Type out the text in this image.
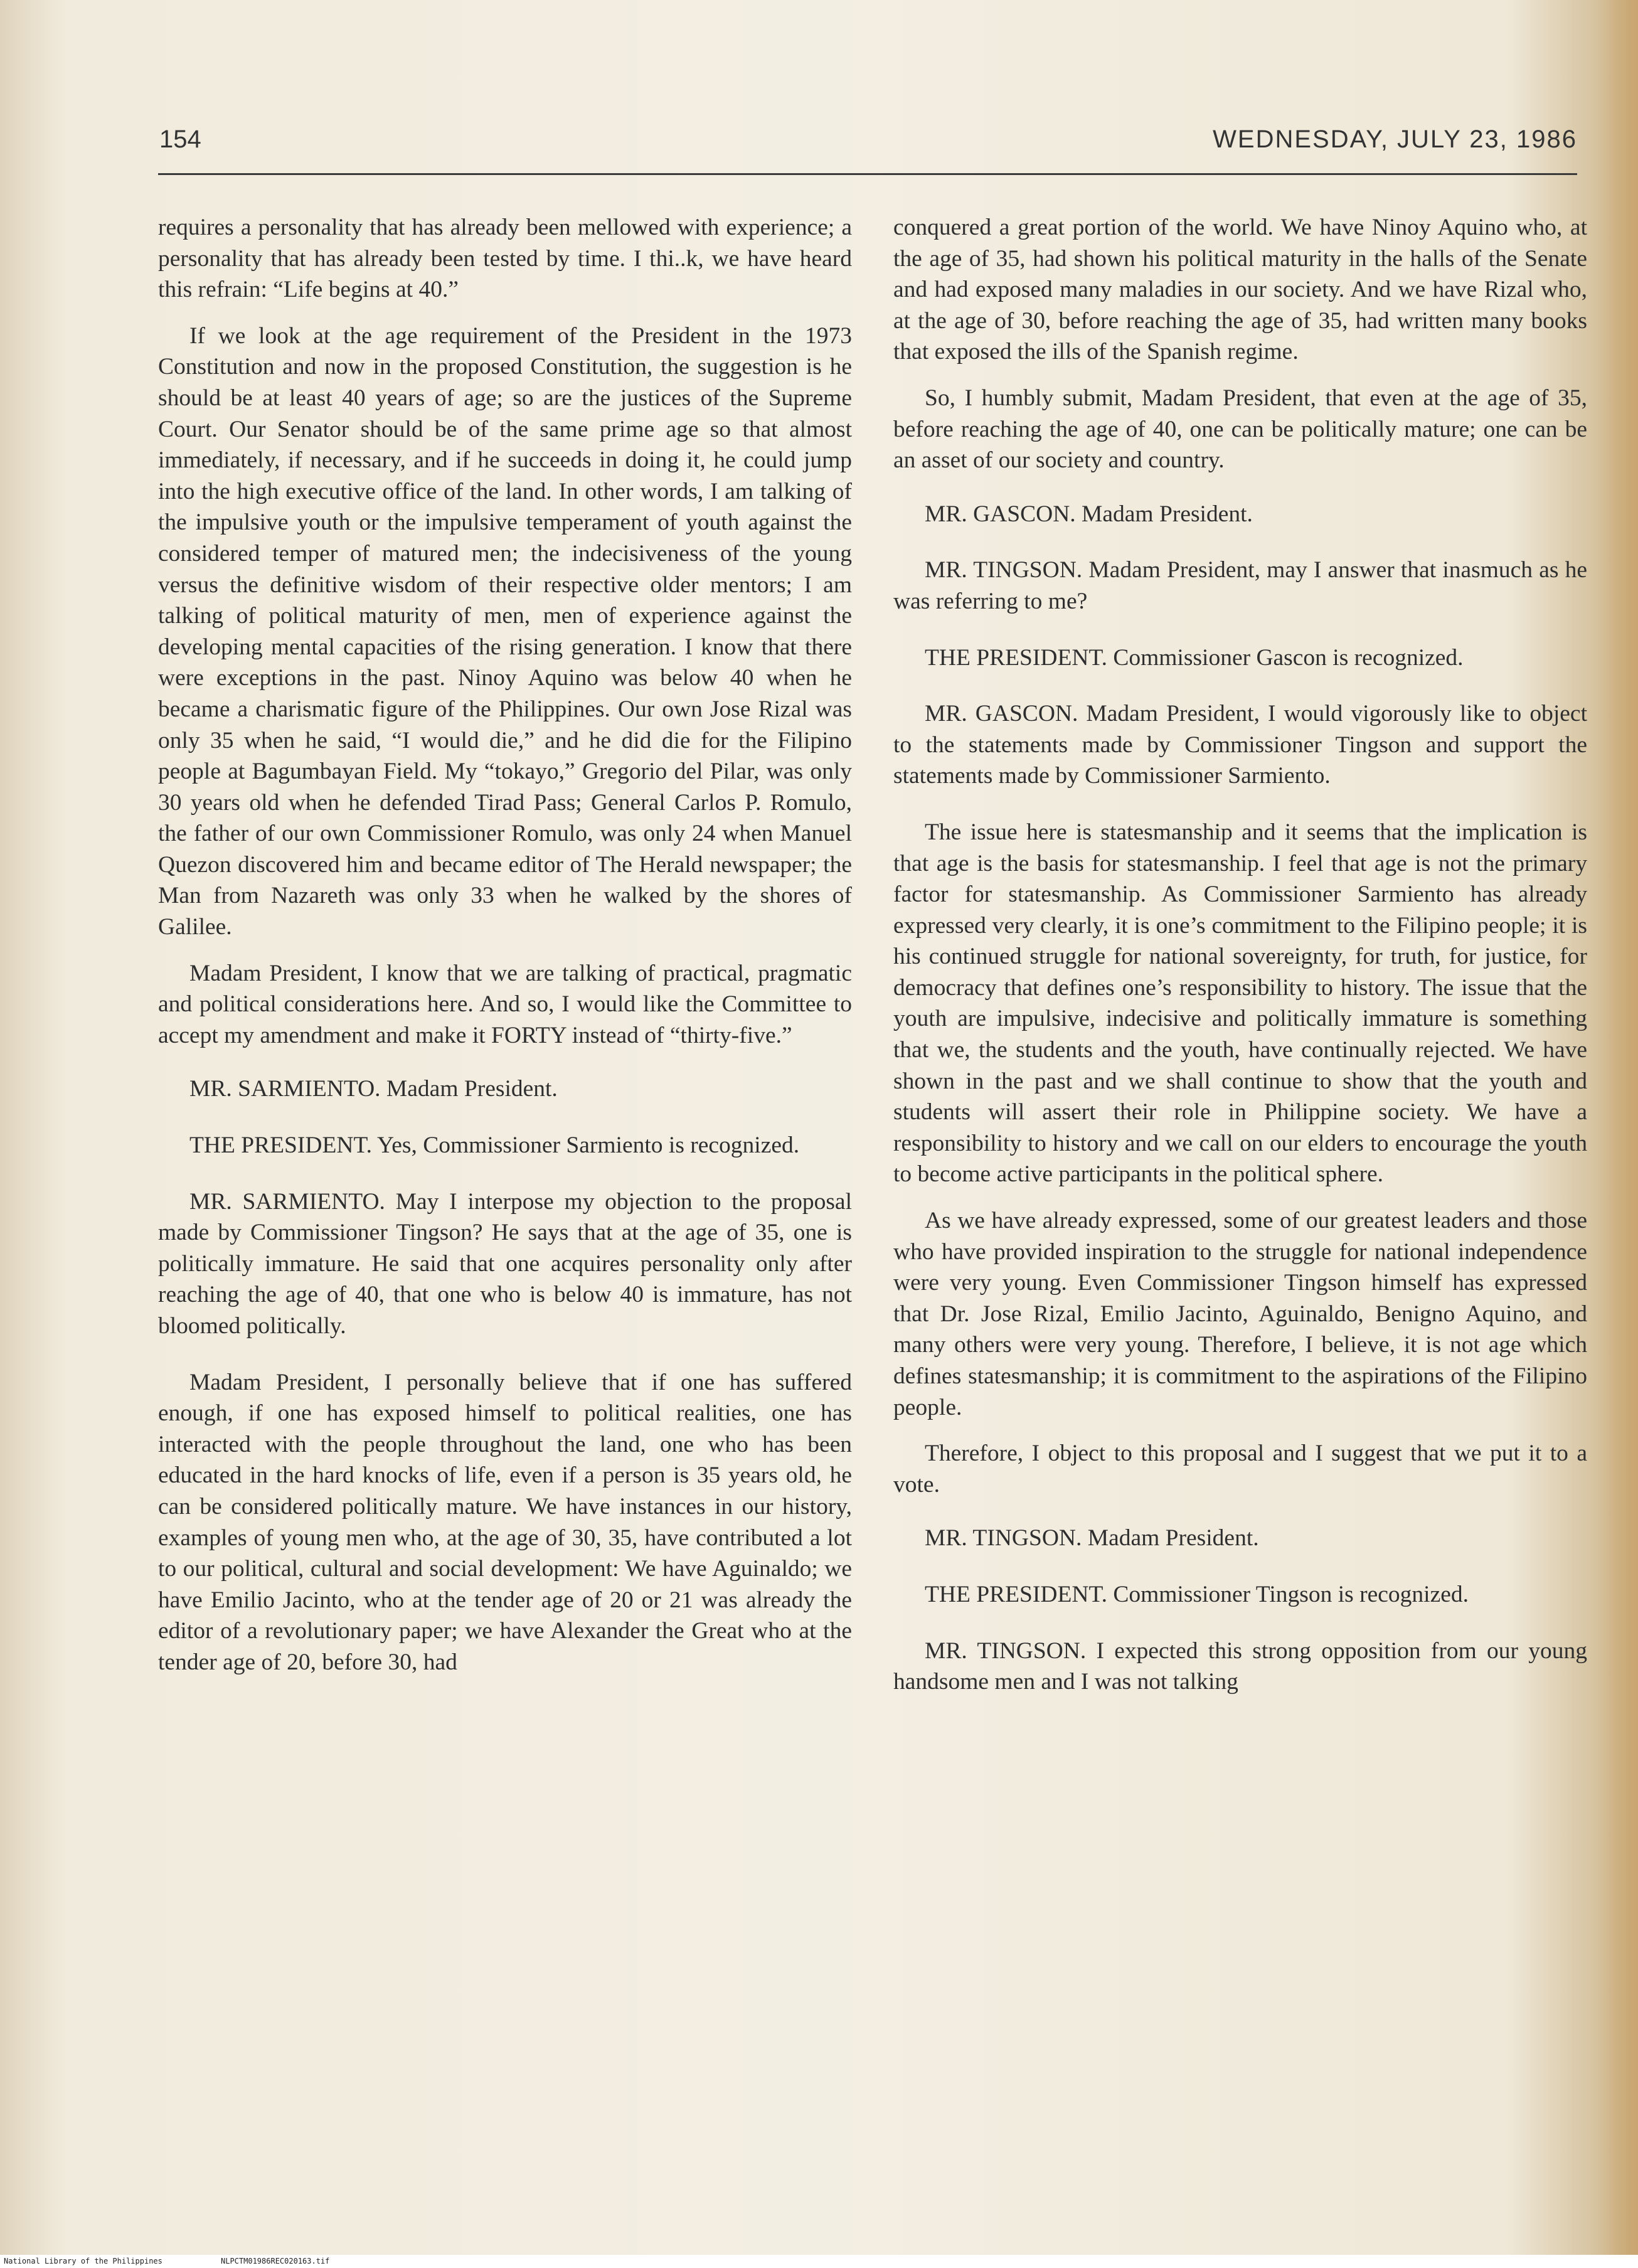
154	WEDNESDAY, JULY 23, 1986

requires a personality that has already been mellowed with experience; a personality that has already been tested by time. I thi..k, we have heard this refrain: “Life begins at 40.”

If we look at the age requirement of the President in the 1973 Constitution and now in the proposed Constitution, the suggestion is he should be at least 40 years of age; so are the justices of the Supreme Court. Our Senator should be of the same prime age so that almost immediately, if necessary, and if he succeeds in doing it, he could jump into the high executive office of the land. In other words, I am talking of the impulsive youth or the impulsive temperament of youth against the considered temper of matured men; the indecisiveness of the young versus the definitive wisdom of their respective older mentors; I am talking of political maturity of men, men of experience against the developing mental capacities of the rising generation. I know that there were exceptions in the past. Ninoy Aquino was below 40 when he became a charismatic figure of the Philippines. Our own Jose Rizal was only 35 when he said, “I would die,” and he did die for the Filipino people at Bagumbayan Field. My “tokayo,” Gregorio del Pilar, was only 30 years old when he defended Tirad Pass; General Carlos P. Romulo, the father of our own Commissioner Romulo, was only 24 when Manuel Quezon discovered him and became editor of The Herald newspaper; the Man from Nazareth was only 33 when he walked by the shores of Galilee.

Madam President, I know that we are talking of practical, pragmatic and political considerations here. And so, I would like the Committee to accept my amendment and make it FORTY instead of “thirty-five.”

MR. SARMIENTO. Madam President.

THE PRESIDENT. Yes, Commissioner Sarmiento is recognized.

MR. SARMIENTO. May I interpose my objection to the proposal made by Commissioner Tingson? He says that at the age of 35, one is politically immature. He said that one acquires personality only after reaching the age of 40, that one who is below 40 is immature, has not bloomed politically.

Madam President, I personally believe that if one has suffered enough, if one has exposed himself to political realities, one has interacted with the people throughout the land, one who has been educated in the hard knocks of life, even if a person is 35 years old, he can be considered politically mature. We have instances in our history, examples of young men who, at the age of 30, 35, have contributed a lot to our political, cultural and social development: We have Aguinaldo; we have Emilio Jacinto, who at the tender age of 20 or 21 was already the editor of a revolutionary paper; we have Alexander the Great who at the tender age of 20, before 30, had

conquered a great portion of the world. We have Ninoy Aquino who, at the age of 35, had shown his political maturity in the halls of the Senate and had exposed many maladies in our society. And we have Rizal who, at the age of 30, before reaching the age of 35, had written many books that exposed the ills of the Spanish regime.

So, I humbly submit, Madam President, that even at the age of 35, before reaching the age of 40, one can be politically mature; one can be an asset of our society and country.

MR. GASCON. Madam President.

MR. TINGSON. Madam President, may I answer that inasmuch as he was referring to me?

THE PRESIDENT. Commissioner Gascon is recognized.

MR. GASCON. Madam President, I would vigorously like to object to the statements made by Commissioner Tingson and support the statements made by Commissioner Sarmiento.

The issue here is statesmanship and it seems that the implication is that age is the basis for statesmanship. I feel that age is not the primary factor for statesmanship. As Commissioner Sarmiento has already expressed very clearly, it is one’s commitment to the Filipino people; it is his continued struggle for national sovereignty, for truth, for justice, for democracy that defines one’s responsibility to history. The issue that the youth are impulsive, indecisive and politically immature is something that we, the students and the youth, have continually rejected. We have shown in the past and we shall continue to show that the youth and students will assert their role in Philippine society. We have a responsibility to history and we call on our elders to encourage the youth to become active participants in the political sphere.

As we have already expressed, some of our greatest leaders and those who have provided inspiration to the struggle for national independence were very young. Even Commissioner Tingson himself has expressed that Dr. Jose Rizal, Emilio Jacinto, Aguinaldo, Benigno Aquino, and many others were very young. Therefore, I believe, it is not age which defines statesmanship; it is commitment to the aspirations of the Filipino people.

Therefore, I object to this proposal and I suggest that we put it to a vote.

MR. TINGSON. Madam President.

THE PRESIDENT. Commissioner Tingson is recognized.

MR. TINGSON. I expected this strong opposition from our young handsome men and I was not talking

National Library of the Philippines	NLPCTM01986REC020163.tif
